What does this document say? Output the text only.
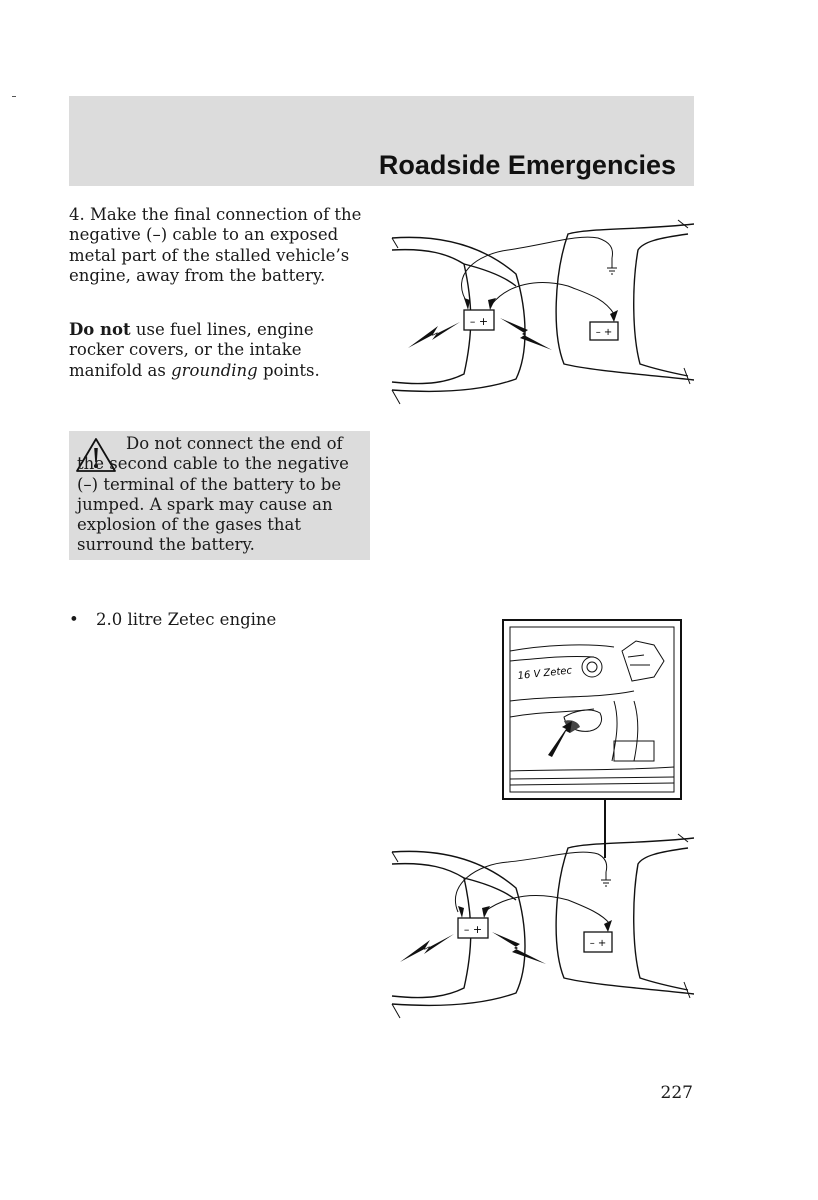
Roadside Emergencies
4. Make the final connection of the negative (–) cable to an exposed metal part of the stalled vehicle’s engine, away from the battery.
Do not use fuel lines, engine rocker covers, or the intake manifold as grounding points.
Do not connect the end of the second cable to the negative (–) terminal of the battery to be jumped. A spark may cause an explosion of the gases that surround the battery.
• 2.0 litre Zetec engine
– +
– +
16 V Zetec
– +
– +
227
